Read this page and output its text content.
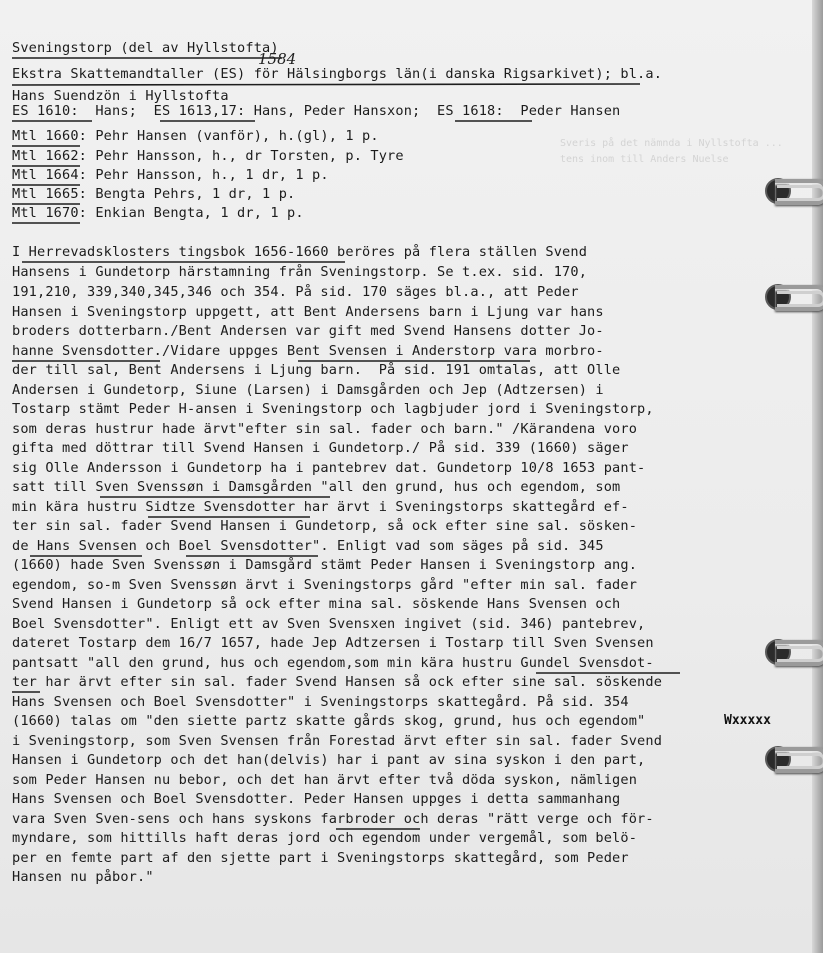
Sveris på det nämnda i Nyllstofta ...
tens inom till Anders Nuelse
Sveningstorp (del av Hyllstofta)
1584
Ekstra Skattemandtaller (ES) för Hälsingborgs län(i danska Rigsarkivet); bl.a.
Hans Suendzön i Hyllstofta
ES 1610:  Hans;  ES 1613,17: Hans, Peder Hansxon;  ES 1618:  Peder Hansen
Mtl 1660: Pehr Hansen (vanför), h.(gl), 1 p.
Mtl 1662: Pehr Hansson, h., dr Torsten, p. Tyre
Mtl 1664: Pehr Hansson, h., 1 dr, 1 p.
Mtl 1665: Bengta Pehrs, 1 dr, 1 p.
Mtl 1670: Enkian Bengta, 1 dr, 1 p.
I Herrevadsklosters tingsbok 1656-1660 beröres på flera ställen Svend
Hansens i Gundetorp härstamning från Sveningstorp. Se t.ex. sid. 170,
191,210, 339,340,345,346 och 354. På sid. 170 säges bl.a., att Peder
Hansen i Sveningstorp uppgett, att Bent Andersens barn i Ljung var hans
broders dotterbarn./Bent Andersen var gift med Svend Hansens dotter Jo-
hanne Svensdotter./Vidare uppges Bent Svensen i Anderstorp vara morbro-
der till sal, Bent Andersens i Ljung barn.  På sid. 191 omtalas, att Olle
Andersen i Gundetorp, Siune (Larsen) i Damsgården och Jep (Adtzersen) i
Tostarp stämt Peder H-ansen i Sveningstorp och lagbjuder jord i Sveningstorp,
som deras hustrur hade ärvt"efter sin sal. fader och barn." /Kärandena voro
gifta med döttrar till Svend Hansen i Gundetorp./ På sid. 339 (1660) säger
sig Olle Andersson i Gundetorp ha i pantebrev dat. Gundetorp 10/8 1653 pant-
satt till Sven Svenssøn i Damsgården "all den grund, hus och egendom, som
min kära hustru Sidtze Svensdotter har ärvt i Sveningstorps skattegård ef-
ter sin sal. fader Svend Hansen i Gundetorp, så ock efter sine sal. sösken-
de Hans Svensen och Boel Svensdotter". Enligt vad som säges på sid. 345
(1660) hade Sven Svenssøn i Damsgård stämt Peder Hansen i Sveningstorp ang.
egendom, so-m Sven Svenssøn ärvt i Sveningstorps gård "efter min sal. fader
Svend Hansen i Gundetorp så ock efter mina sal. söskende Hans Svensen och
Boel Svensdotter". Enligt ett av Sven Svensxen ingivet (sid. 346) pantebrev,
dateret Tostarp dem 16/7 1657, hade Jep Adtzersen i Tostarp till Sven Svensen
pantsatt "all den grund, hus och egendom,som min kära hustru Gundel Svensdot-
ter har ärvt efter sin sal. fader Svend Hansen så ock efter sine sal. söskende
Hans Svensen och Boel Svensdotter" i Sveningstorps skattegård. På sid. 354
(1660) talas om "den siette partz skatte gårds skog, grund, hus och egendom"
i Sveningstorp, som Sven Svensen från Forestad ärvt efter sin sal. fader Svend
Hansen i Gundetorp och det han(delvis) har i pant av sina syskon i den part,
som Peder Hansen nu bebor, och det han ärvt efter två döda syskon, nämligen
Hans Svensen och Boel Svensdotter. Peder Hansen uppges i detta sammanhang
vara Sven Sven-sens och hans syskons farbroder och deras "rätt verge och för-
myndare, som hittills haft deras jord och egendom under vergemål, som belö-
per en femte part af den sjette part i Sveningstorps skattegård, som Peder
Hansen nu påbor."
Wxxxxx
